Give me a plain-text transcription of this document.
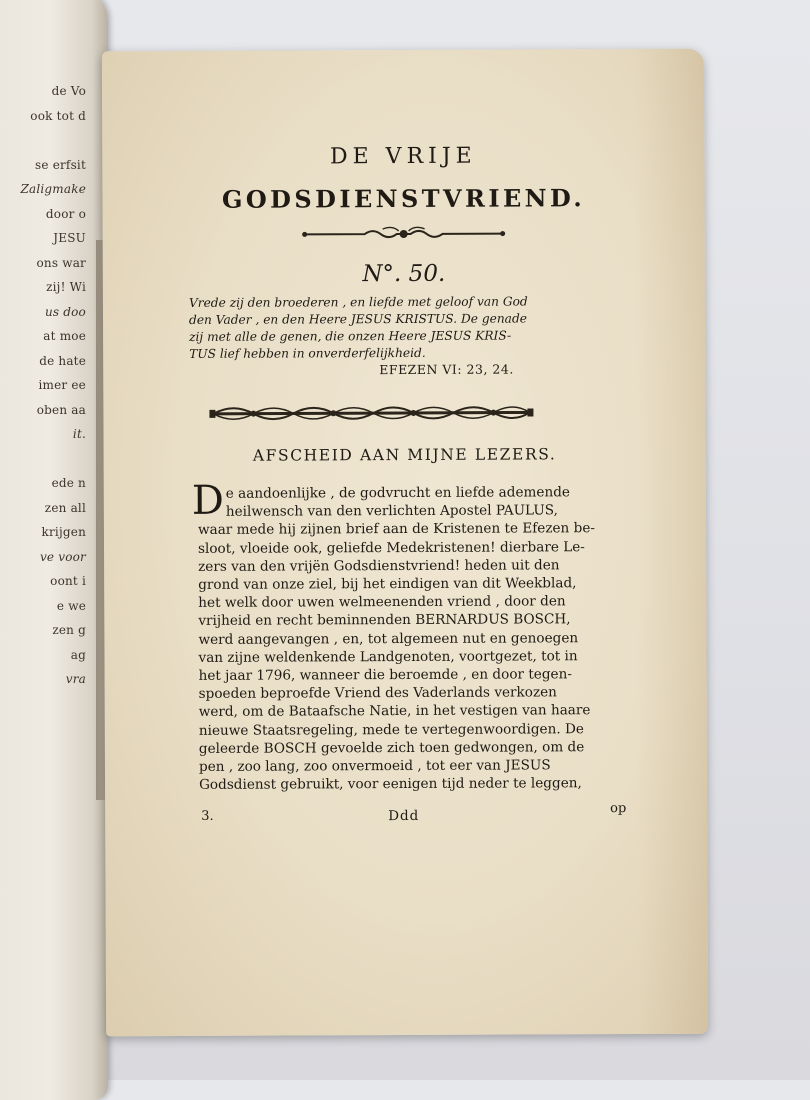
de Vo
ook tot d
se erfsit
Zaligmake
door o
JESU
ons war
zij! Wi
us doo
at moe
de hate
imer ee
oben aa
it.
ede n
zen all
krijgen
ve voor
oont i
e we
zen g
ag
vra
DE VRIJE
GODSDIENSTVRIEND.
N°. 50.
Vrede zij den broederen , en liefde met geloof van God
den Vader , en den Heere JESUS KRISTUS. De genade
zij met alle de genen, die onzen Heere JESUS KRIS-
TUS lief hebben in onverderfelijkheid.
EFEZEN VI: 23, 24.
AFSCHEID AAN MIJNE LEZERS.
D e aandoenlijke , de godvrucht en liefde ademende
heilwensch van den verlichten Apostel PAULUS,
waar mede hij zijnen brief aan de Kristenen te Efezen be-
sloot, vloeide ook, geliefde Medekristenen! dierbare Le-
zers van den vrijën Godsdienstvriend! heden uit den
grond van onze ziel, bij het eindigen van dit Weekblad,
het welk door uwen welmeenenden vriend , door den
vrijheid en recht beminnenden BERNARDUS BOSCH,
werd aangevangen , en, tot algemeen nut en genoegen
van zijne weldenkende Landgenoten, voortgezet, tot in
het jaar 1796, wanneer die beroemde , en door tegen-
spoeden beproefde Vriend des Vaderlands verkozen
werd, om de Bataafsche Natie, in het vestigen van haare
nieuwe Staatsregeling, mede te vertegenwoordigen. De
geleerde BOSCH gevoelde zich toen gedwongen, om de
pen , zoo lang, zoo onvermoeid , tot eer van JESUS
Godsdienst gebruikt, voor eenigen tijd neder te leggen,
3.	Ddd	op
